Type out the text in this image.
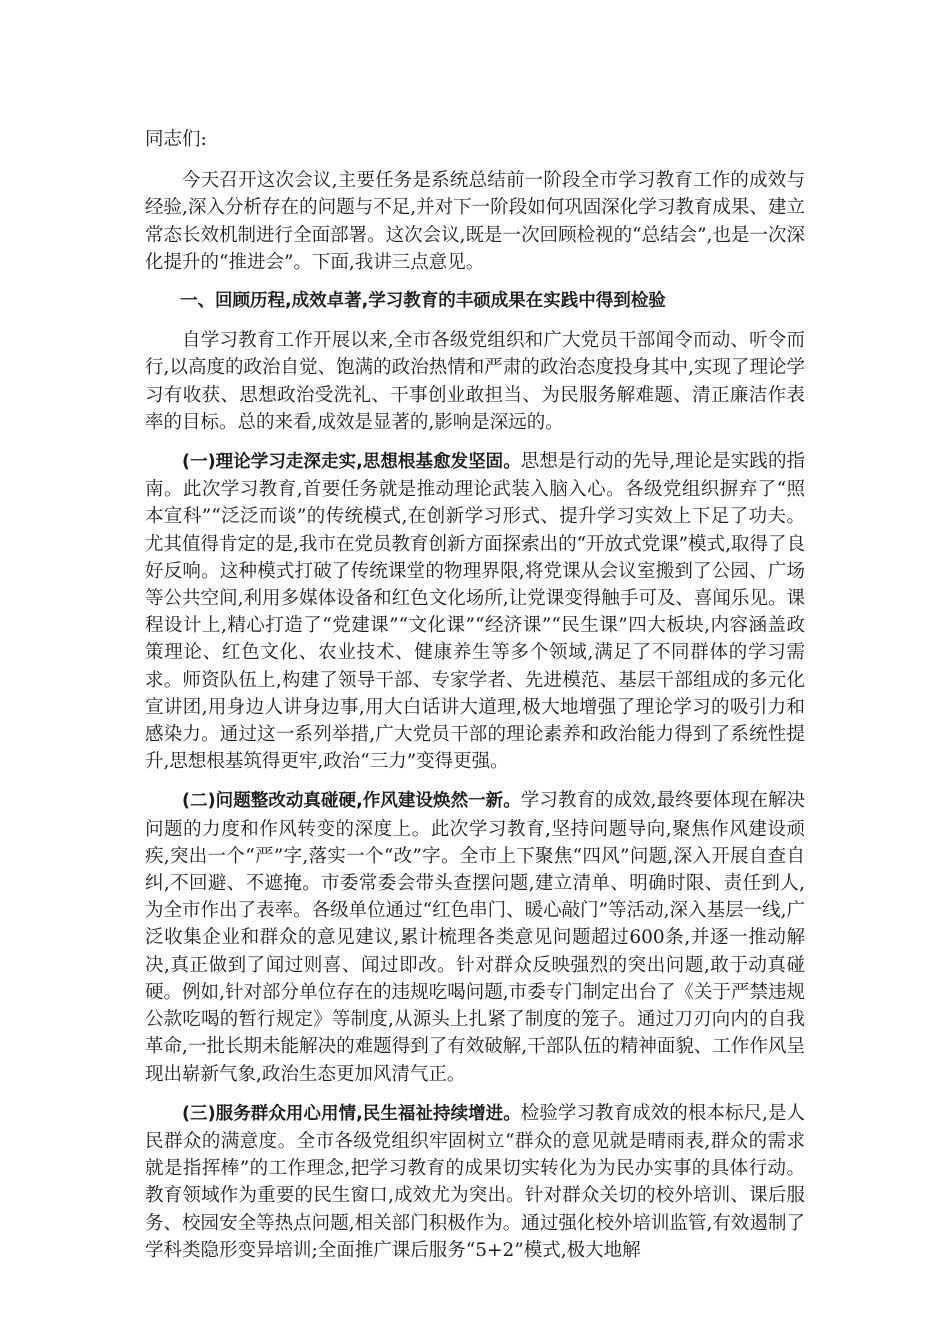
同志们:

今天召开这次会议,主要任务是系统总结前一阶段全市学习教育工作的成效与经验,深入分析存在的问题与不足,并对下一阶段如何巩固深化学习教育成果、建立常态长效机制进行全面部署。这次会议,既是一次回顾检视的“总结会”,也是一次深化提升的“推进会”。下面,我讲三点意见。

一、回顾历程,成效卓著,学习教育的丰硕成果在实践中得到检验

自学习教育工作开展以来,全市各级党组织和广大党员干部闻令而动、听令而行,以高度的政治自觉、饱满的政治热情和严肃的政治态度投身其中,实现了理论学习有收获、思想政治受洗礼、干事创业敢担当、为民服务解难题、清正廉洁作表率的目标。总的来看,成效是显著的,影响是深远的。

(一)理论学习走深走实,思想根基愈发坚固。思想是行动的先导,理论是实践的指南。此次学习教育,首要任务就是推动理论武装入脑入心。各级党组织摒弃了“照本宣科”“泛泛而谈”的传统模式,在创新学习形式、提升学习实效上下足了功夫。尤其值得肯定的是,我市在党员教育创新方面探索出的“开放式党课”模式,取得了良好反响。这种模式打破了传统课堂的物理界限,将党课从会议室搬到了公园、广场等公共空间,利用多媒体设备和红色文化场所,让党课变得触手可及、喜闻乐见。课程设计上,精心打造了“党建课”“文化课”“经济课”“民生课”四大板块,内容涵盖政策理论、红色文化、农业技术、健康养生等多个领域,满足了不同群体的学习需求。师资队伍上,构建了领导干部、专家学者、先进模范、基层干部组成的多元化宣讲团,用身边人讲身边事,用大白话讲大道理,极大地增强了理论学习的吸引力和感染力。通过这一系列举措,广大党员干部的理论素养和政治能力得到了系统性提升,思想根基筑得更牢,政治“三力”变得更强。

(二)问题整改动真碰硬,作风建设焕然一新。学习教育的成效,最终要体现在解决问题的力度和作风转变的深度上。此次学习教育,坚持问题导向,聚焦作风建设顽疾,突出一个“严”字,落实一个“改”字。全市上下聚焦“四风”问题,深入开展自查自纠,不回避、不遮掩。市委常委会带头查摆问题,建立清单、明确时限、责任到人,为全市作出了表率。各级单位通过“红色串门、暖心敲门”等活动,深入基层一线,广泛收集企业和群众的意见建议,累计梳理各类意见问题超过600条,并逐一推动解决,真正做到了闻过则喜、闻过即改。针对群众反映强烈的突出问题,敢于动真碰硬。例如,针对部分单位存在的违规吃喝问题,市委专门制定出台了《关于严禁违规公款吃喝的暂行规定》等制度,从源头上扎紧了制度的笼子。通过刀刃向内的自我革命,一批长期未能解决的难题得到了有效破解,干部队伍的精神面貌、工作作风呈现出崭新气象,政治生态更加风清气正。

(三)服务群众用心用情,民生福祉持续增进。检验学习教育成效的根本标尺,是人民群众的满意度。全市各级党组织牢固树立“群众的意见就是晴雨表,群众的需求就是指挥棒”的工作理念,把学习教育的成果切实转化为为民办实事的具体行动。教育领域作为重要的民生窗口,成效尤为突出。针对群众关切的校外培训、课后服务、校园安全等热点问题,相关部门积极作为。通过强化校外培训监管,有效遏制了学科类隐形变异培训;全面推广课后服务“5+2”模式,极大地解
